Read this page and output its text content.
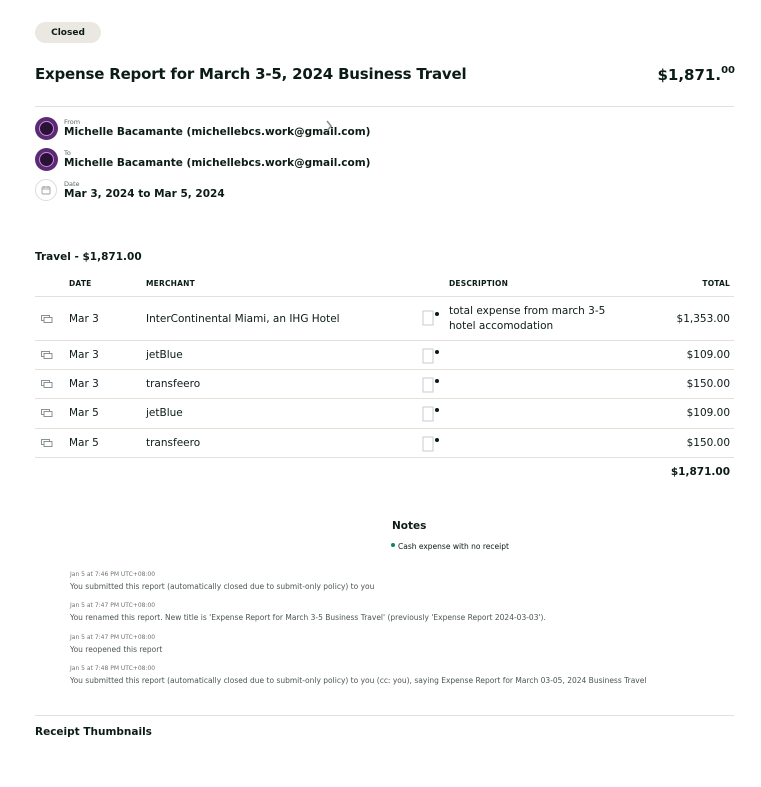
Closed
Expense Report for March 3-5, 2024 Business Travel	$1,871.00
From
Michelle Bacamante (michellebcs.work@gmail.com)
To
Michelle Bacamante (michellebcs.work@gmail.com)
Date
Mar 3, 2024 to Mar 5, 2024
Travel - $1,871.00
DATE	MERCHANT	DESCRIPTION	TOTAL
Mar 3	InterContinental Miami, an IHG Hotel
total expense from march 3-5
hotel accomodation
$1,353.00
Mar 3	jetBlue	$109.00
Mar 3	transfeero	$150.00
Mar 5	jetBlue	$109.00
Mar 5	transfeero	$150.00
$1,871.00
Notes
Cash expense with no receipt
Jan 5 at 7:46 PM UTC+08:00
You submitted this report (automatically closed due to submit-only policy) to you
Jan 5 at 7:47 PM UTC+08:00
You renamed this report. New title is 'Expense Report for March 3-5 Business Travel' (previously 'Expense Report 2024-03-03').
Jan 5 at 7:47 PM UTC+08:00
You reopened this report
Jan 5 at 7:48 PM UTC+08:00
You submitted this report (automatically closed due to submit-only policy) to you (cc: you), saying Expense Report for March 03-05, 2024 Business Travel
Receipt Thumbnails
